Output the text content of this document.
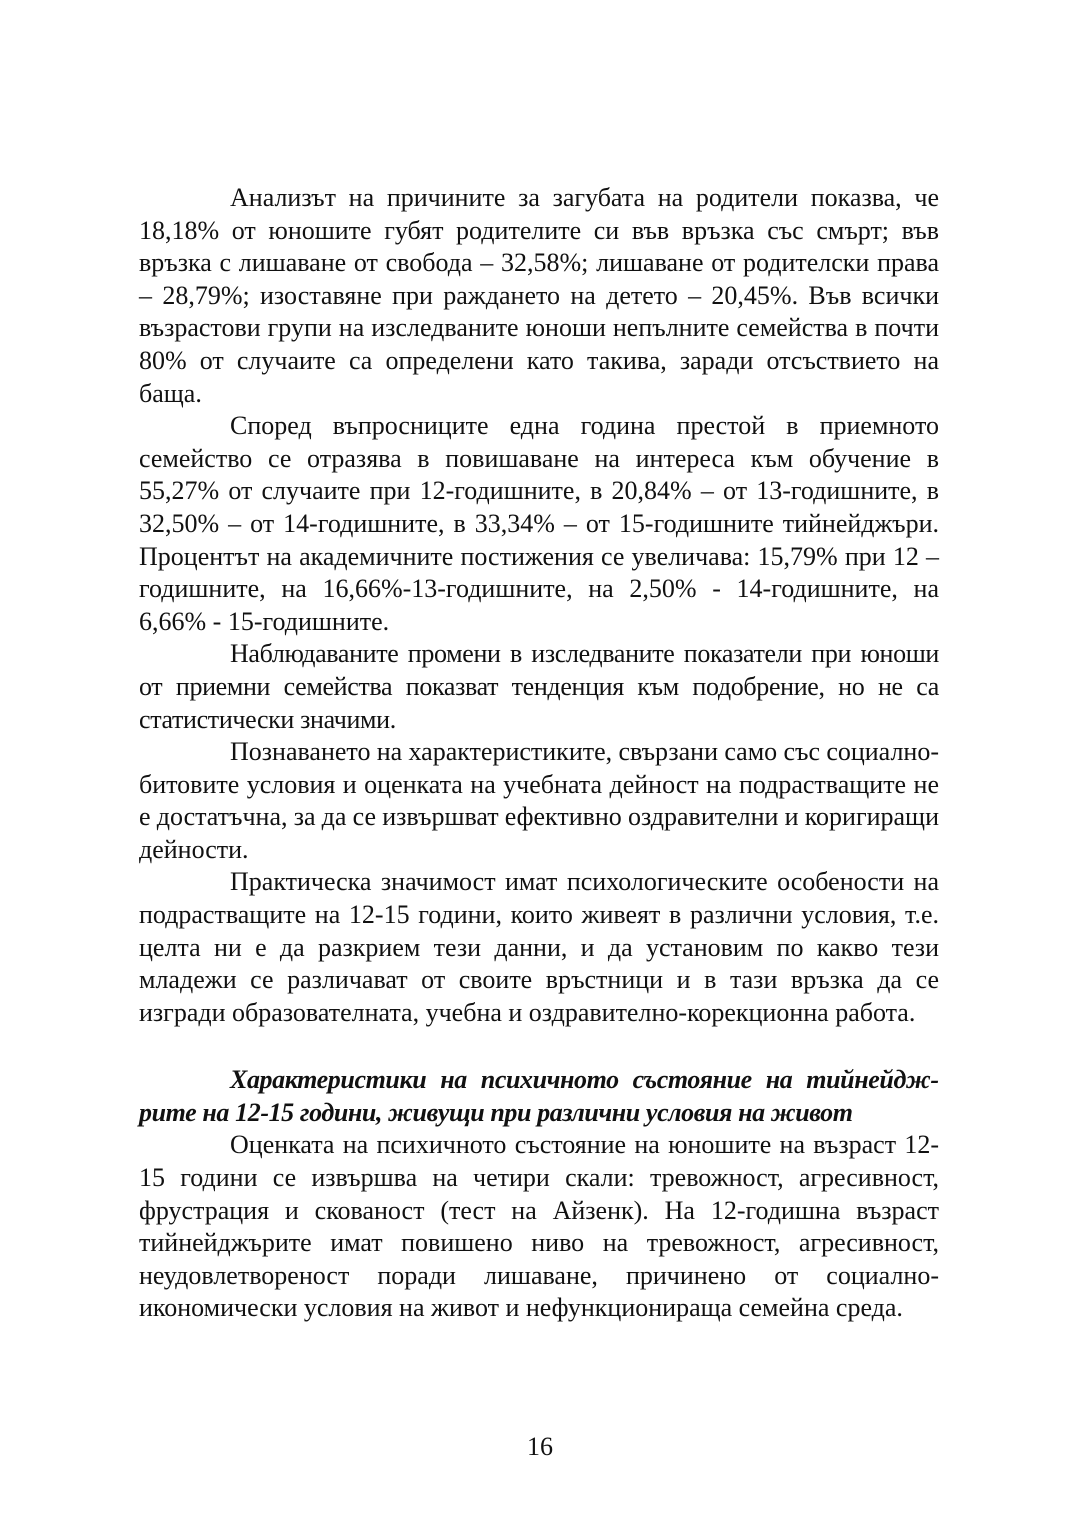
Анализът на причините за загубата на родители показва, че 18,18% от юношите губят родителите си във връзка със смърт; във връзка с лишаване от свобода – 32,58%; лишаване от родителски права – 28,79%; изоставяне при раждането на детето – 20,45%. Във всички възрастови групи на изследваните юноши непълните семейства в почти 80% от случаите са определени като такива, заради отсъствието на баща.

Според въпросниците една година престой в приемното семейство се отразява в повишаване на интереса към обучение в 55,27% от случаите при 12-годишните, в 20,84% – от 13-годишните, в 32,50% – от 14-годишните, в 33,34% – от 15-годишните тийнейджъри. Процентът на академичните постижения се увеличава: 15,79% при 12 – годишните, на 16,66%-13-годишните, на 2,50% - 14-годишните, на 6,66% - 15-годишните.

Наблюдаваните промени в изследваните показатели при юноши от приемни семейства показват тенденция към подобрение, но не са статистически значими.

Познаването на характеристиките, свързани само със социално-битовите условия и оценката на учебната дейност на подрастващите не е достатъчна, за да се извършват ефективно оздравителни и коригиращи дейности.

Практическа значимост имат психологическите особености на подрастващите на 12-15 години, които живеят в различни условия, т.е. целта ни е да разкрием тези данни, и да установим по какво тези младежи се различават от своите връстници и в тази връзка да се изгради образователната, учебна и оздравително-корекционна работа.

Характеристики на психичното състояние на тийнейджрите на 12-15 години, живущи при различни условия на живот

Оценката на психичното състояние на юношите на възраст 12-15 години се извършва на четири скали: тревожност, агресивност, фрустрация и скованост (тест на Айзенк). На 12-годишна възраст тийнейджърите имат повишено ниво на тревожност, агресивност, неудовлетвореност поради лишаване, причинено от социално-икономически условия на живот и нефункционираща семейна среда.

16
